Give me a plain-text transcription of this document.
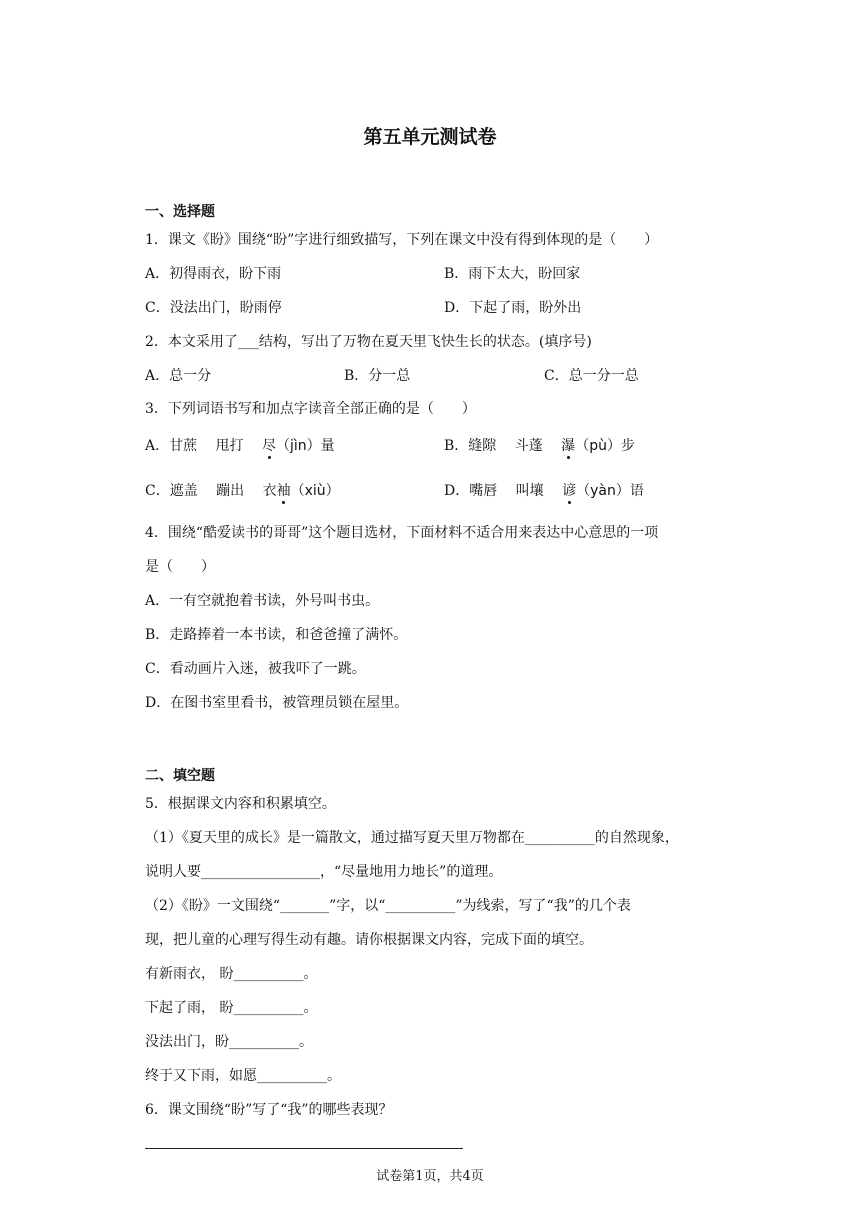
第五单元测试卷
一、选择题
1．课文《盼》围绕“盼”字进行细致描写，下列在课文中没有得到体现的是（　　）
A．初得雨衣，盼下雨	B．雨下太大，盼回家
C．没法出门，盼雨停	D．下起了雨，盼外出
2．本文采用了___结构，写出了万物在夏天里飞快生长的状态。(填序号)
A．总一分	B．分一总	C．总一分一总
3．下列词语书写和加点字读音全部正确的是（　　）
A．甘蔗　 甩打　 尽（jìn）量	B．缝隙　 斗蓬　 瀑（pù）步
C．遮盖　 蹦出　 衣袖（xiù）	D．嘴唇　 叫壤　 谚（yàn）语
4．围绕“酷爱读书的哥哥”这个题目选材，下面材料不适合用来表达中心意思的一项
是（　　）
A．一有空就抱着书读，外号叫书虫。
B．走路捧着一本书读，和爸爸撞了满怀。
C．看动画片入迷，被我吓了一跳。
D．在图书室里看书，被管理员锁在屋里。
二、填空题
5．根据课文内容和积累填空。
（1）《夏天里的成长》是一篇散文，通过描写夏天里万物都在__________的自然现象，
说明人要_________________，“尽量地用力地长”的道理。
（2）《盼》一文围绕“_______”字，以“__________”为线索，写了“我”的几个表
现，把儿童的心理写得生动有趣。请你根据课文内容，完成下面的填空。
有新雨衣， 盼__________。
下起了雨， 盼__________。
没法出门，盼__________。
终于又下雨，如愿__________。
6．课文围绕“盼”写了“我”的哪些表现？
试卷第1页，共4页
